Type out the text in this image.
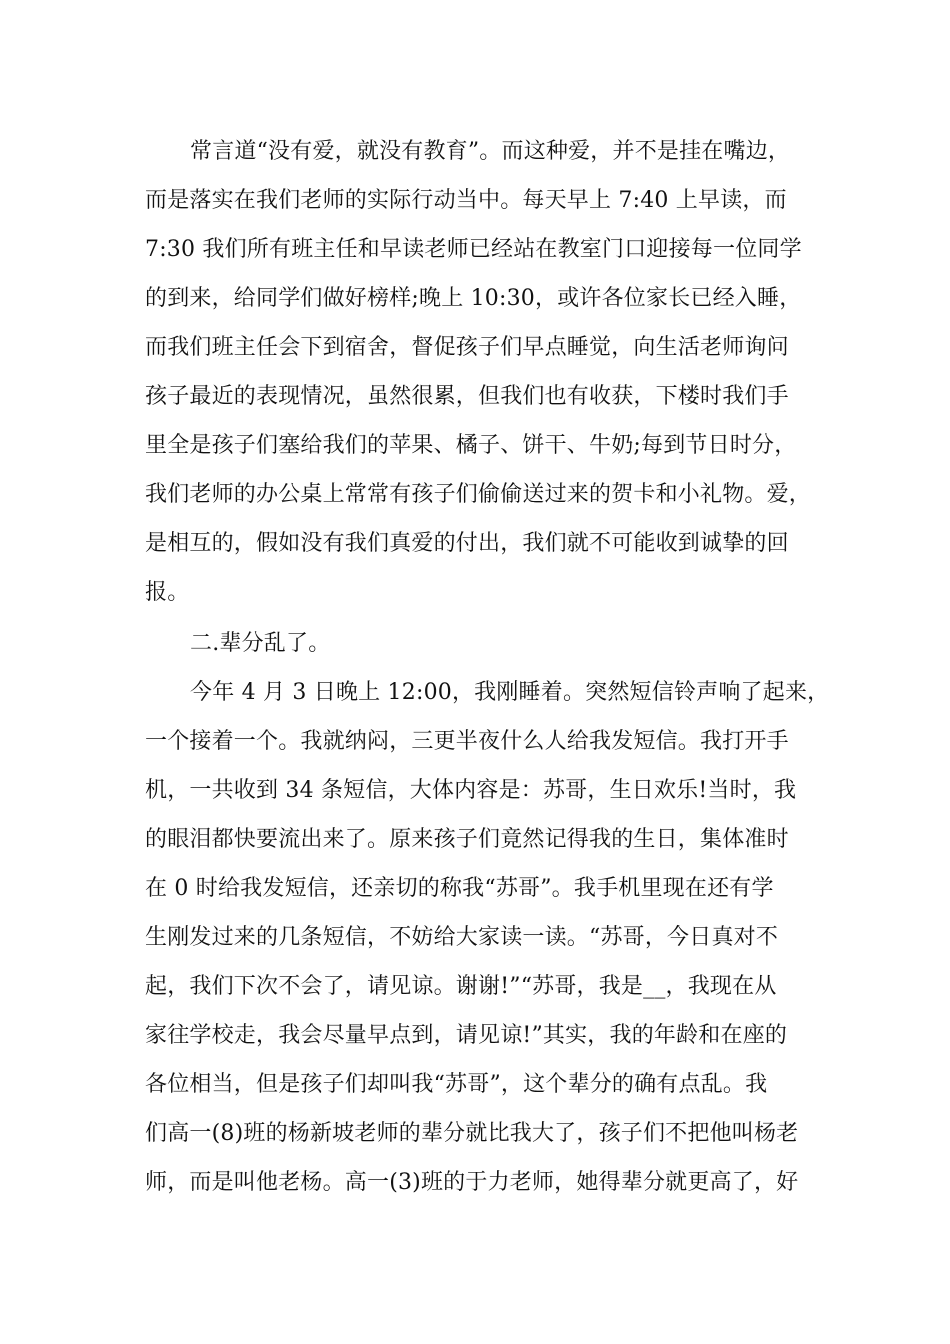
常言道“没有爱，就没有教育”。而这种爱，并不是挂在嘴边，
而是落实在我们老师的实际行动当中。每天早上 7:40 上早读，而
7:30 我们所有班主任和早读老师已经站在教室门口迎接每一位同学
的到来，给同学们做好榜样;晚上 10:30，或许各位家长已经入睡，
而我们班主任会下到宿舍，督促孩子们早点睡觉，向生活老师询问
孩子最近的表现情况，虽然很累，但我们也有收获，下楼时我们手
里全是孩子们塞给我们的苹果、橘子、饼干、牛奶;每到节日时分，
我们老师的办公桌上常常有孩子们偷偷送过来的贺卡和小礼物。爱，
是相互的，假如没有我们真爱的付出，我们就不可能收到诚挚的回
报。
二.辈分乱了。
今年 4 月 3 日晚上 12:00，我刚睡着。突然短信铃声响了起来，
一个接着一个。我就纳闷，三更半夜什么人给我发短信。我打开手
机，一共收到 34 条短信，大体内容是：苏哥，生日欢乐!当时，我
的眼泪都快要流出来了。原来孩子们竟然记得我的生日，集体准时
在 0 时给我发短信，还亲切的称我“苏哥”。我手机里现在还有学
生刚发过来的几条短信，不妨给大家读一读。“苏哥，今日真对不
起，我们下次不会了，请见谅。谢谢!”“苏哥，我是__，我现在从
家往学校走，我会尽量早点到，请见谅!”其实，我的年龄和在座的
各位相当，但是孩子们却叫我“苏哥”，这个辈分的确有点乱。我
们高一(8)班的杨新坡老师的辈分就比我大了，孩子们不把他叫杨老
师，而是叫他老杨。高一(3)班的于力老师，她得辈分就更高了，好
